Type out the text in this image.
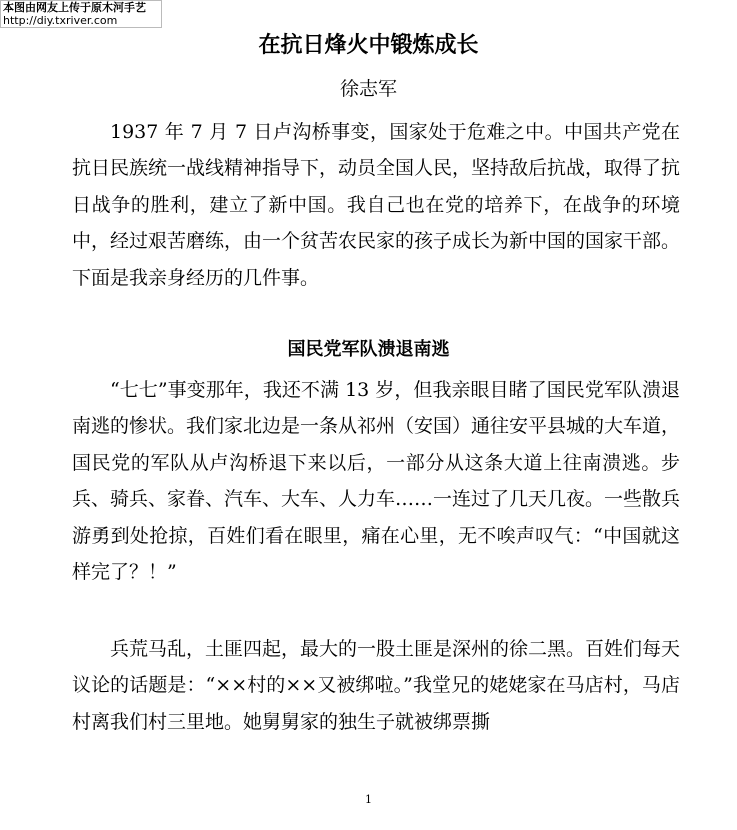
本图由网友上传于原木河手艺
http://diy.txriver.com
在抗日烽火中锻炼成长
徐志军
1937 年 7 月 7 日卢沟桥事变，国家处于危难之中。中国共产党在抗日民族统一战线精神指导下，动员全国人民，坚持敌后抗战，取得了抗日战争的胜利，建立了新中国。我自己也在党的培养下，在战争的环境中，经过艰苦磨练，由一个贫苦农民家的孩子成长为新中国的国家干部。下面是我亲身经历的几件事。
国民党军队溃退南逃
“七七”事变那年，我还不满 13 岁，但我亲眼目睹了国民党军队溃退南逃的惨状。我们家北边是一条从祁州（安国）通往安平县城的大车道，国民党的军队从卢沟桥退下来以后，一部分从这条大道上往南溃逃。步兵、骑兵、家眷、汽车、大车、人力车……一连过了几天几夜。一些散兵游勇到处抢掠，百姓们看在眼里，痛在心里，无不唉声叹气：“中国就这样完了？！”
兵荒马乱，土匪四起，最大的一股土匪是深州的徐二黑。百姓们每天议论的话题是：“××村的××又被绑啦。”我堂兄的姥姥家在马店村，马店村离我们村三里地。她舅舅家的独生子就被绑票撕
1
